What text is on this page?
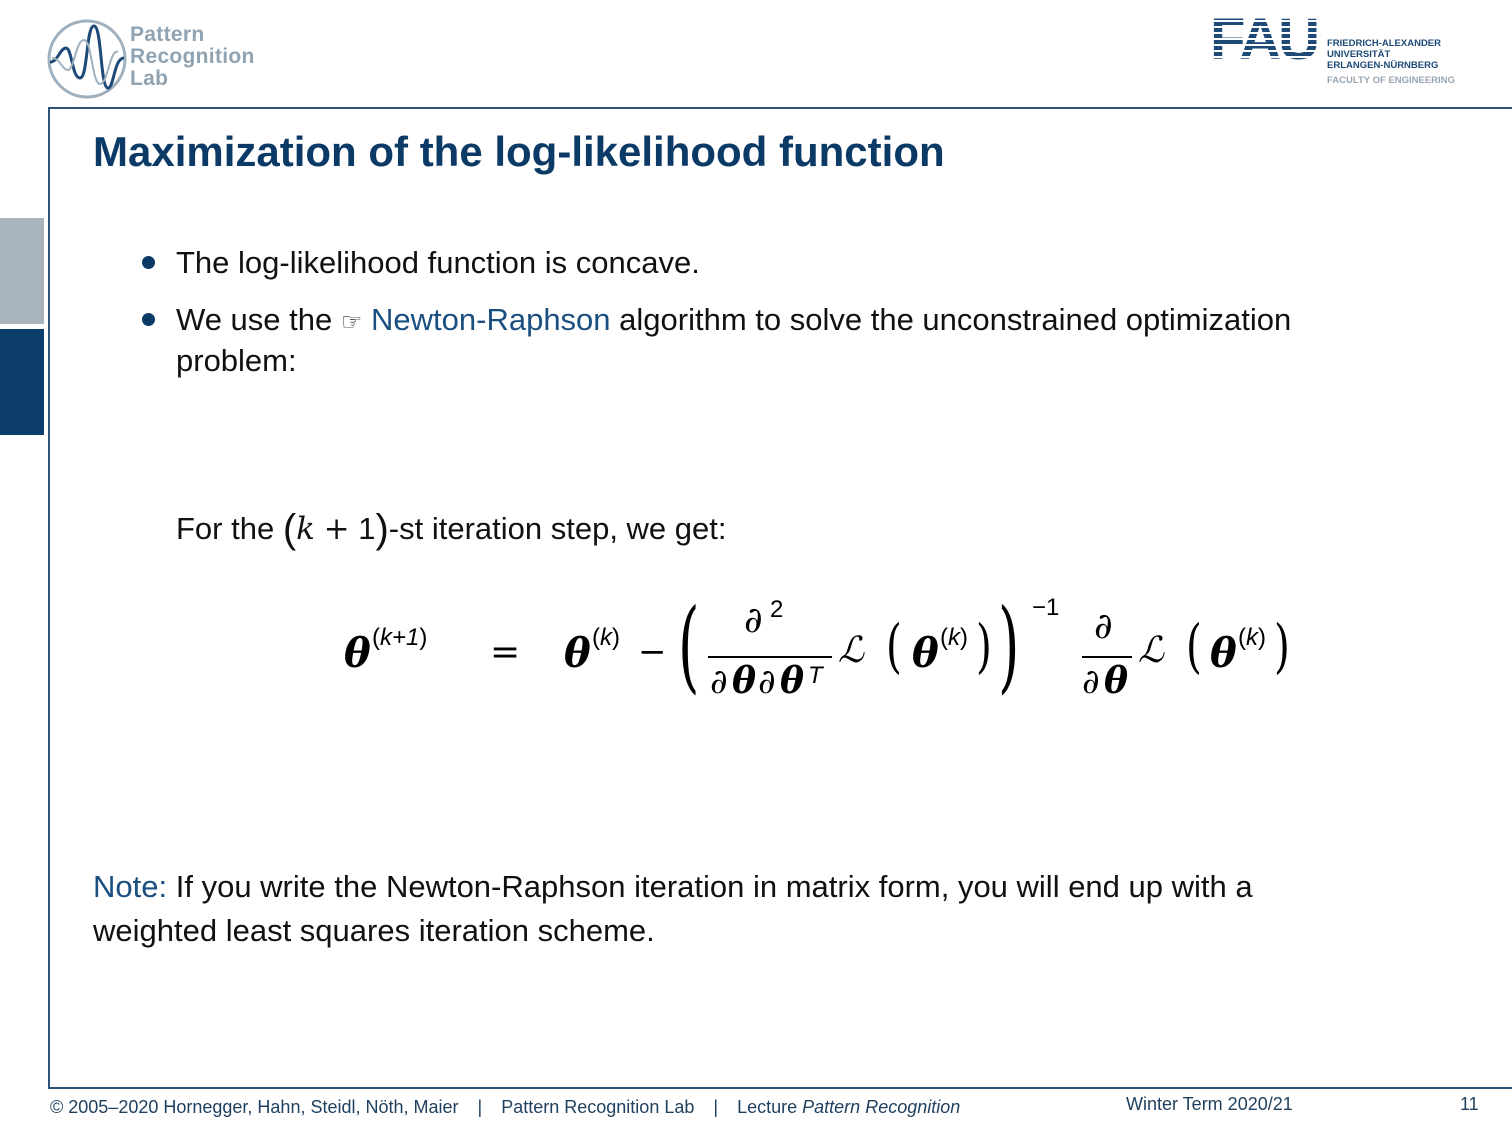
Pattern
Recognition
Lab
FAU FRIEDRICH-ALEXANDER
UNIVERSITÄT
ERLANGEN-NÜRNBERG
FACULTY OF ENGINEERING
Maximization of the log-likelihood function
The log-likelihood function is concave.
We use the ☞ Newton-Raphson algorithm to solve the unconstrained optimization
problem:
For the (k + 1)-st iteration step, we get:
θ (k+1) = θ (k) − ( ∂ 2
∂ θ ∂ θ T
ℒ ( θ (k) ) ) −1 ∂
∂ θ
ℒ ( θ (k) )
Note: If you write the Newton-Raphson iteration in matrix form, you will end up with a
weighted least squares iteration scheme.
© 2005–2020 Hornegger, Hahn, Steidl, Nöth, Maier | Pattern Recognition Lab | Lecture Pattern Recognition	Winter Term 2020/21	11
